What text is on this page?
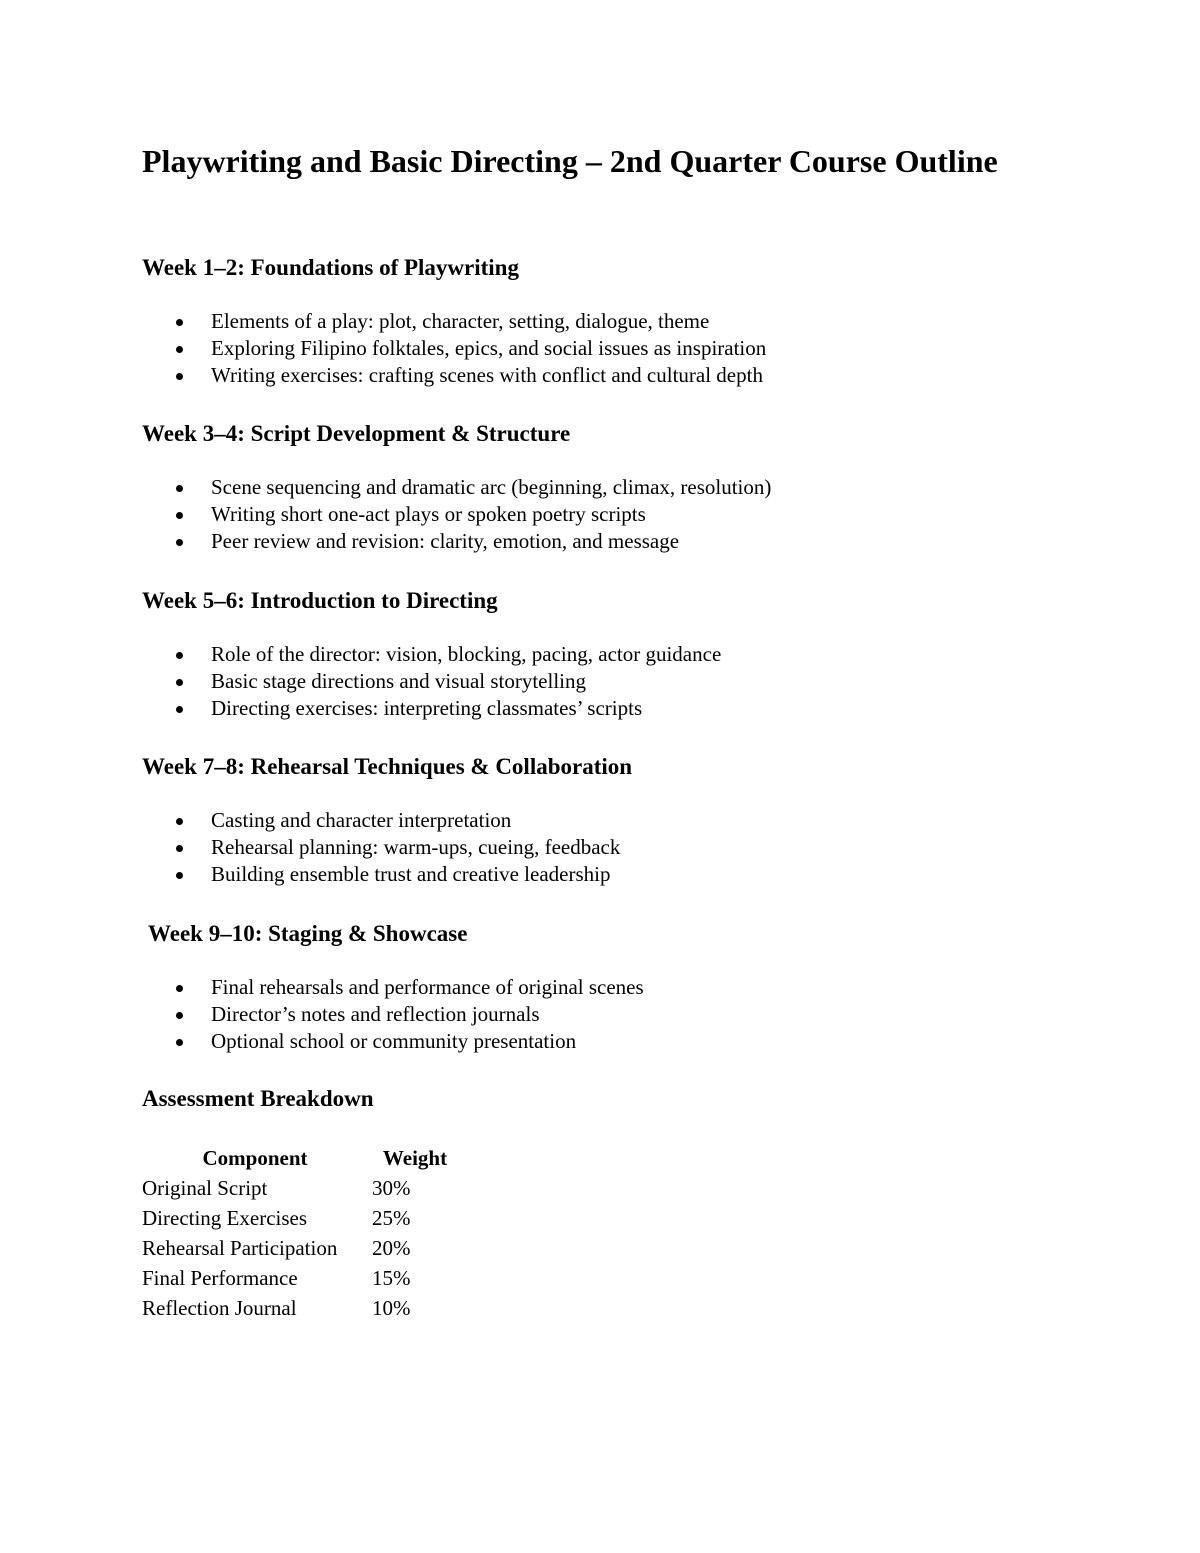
Playwriting and Basic Directing – 2nd Quarter Course Outline
Week 1–2: Foundations of Playwriting
Elements of a play: plot, character, setting, dialogue, theme
Exploring Filipino folktales, epics, and social issues as inspiration
Writing exercises: crafting scenes with conflict and cultural depth
Week 3–4: Script Development & Structure
Scene sequencing and dramatic arc (beginning, climax, resolution)
Writing short one-act plays or spoken poetry scripts
Peer review and revision: clarity, emotion, and message
Week 5–6: Introduction to Directing
Role of the director: vision, blocking, pacing, actor guidance
Basic stage directions and visual storytelling
Directing exercises: interpreting classmates’ scripts
Week 7–8: Rehearsal Techniques & Collaboration
Casting and character interpretation
Rehearsal planning: warm-ups, cueing, feedback
Building ensemble trust and creative leadership
Week 9–10: Staging & Showcase
Final rehearsals and performance of original scenes
Director’s notes and reflection journals
Optional school or community presentation
Assessment Breakdown
Component	Weight
Original Script	30%
Directing Exercises	25%
Rehearsal Participation	20%
Final Performance	15%
Reflection Journal	10%
